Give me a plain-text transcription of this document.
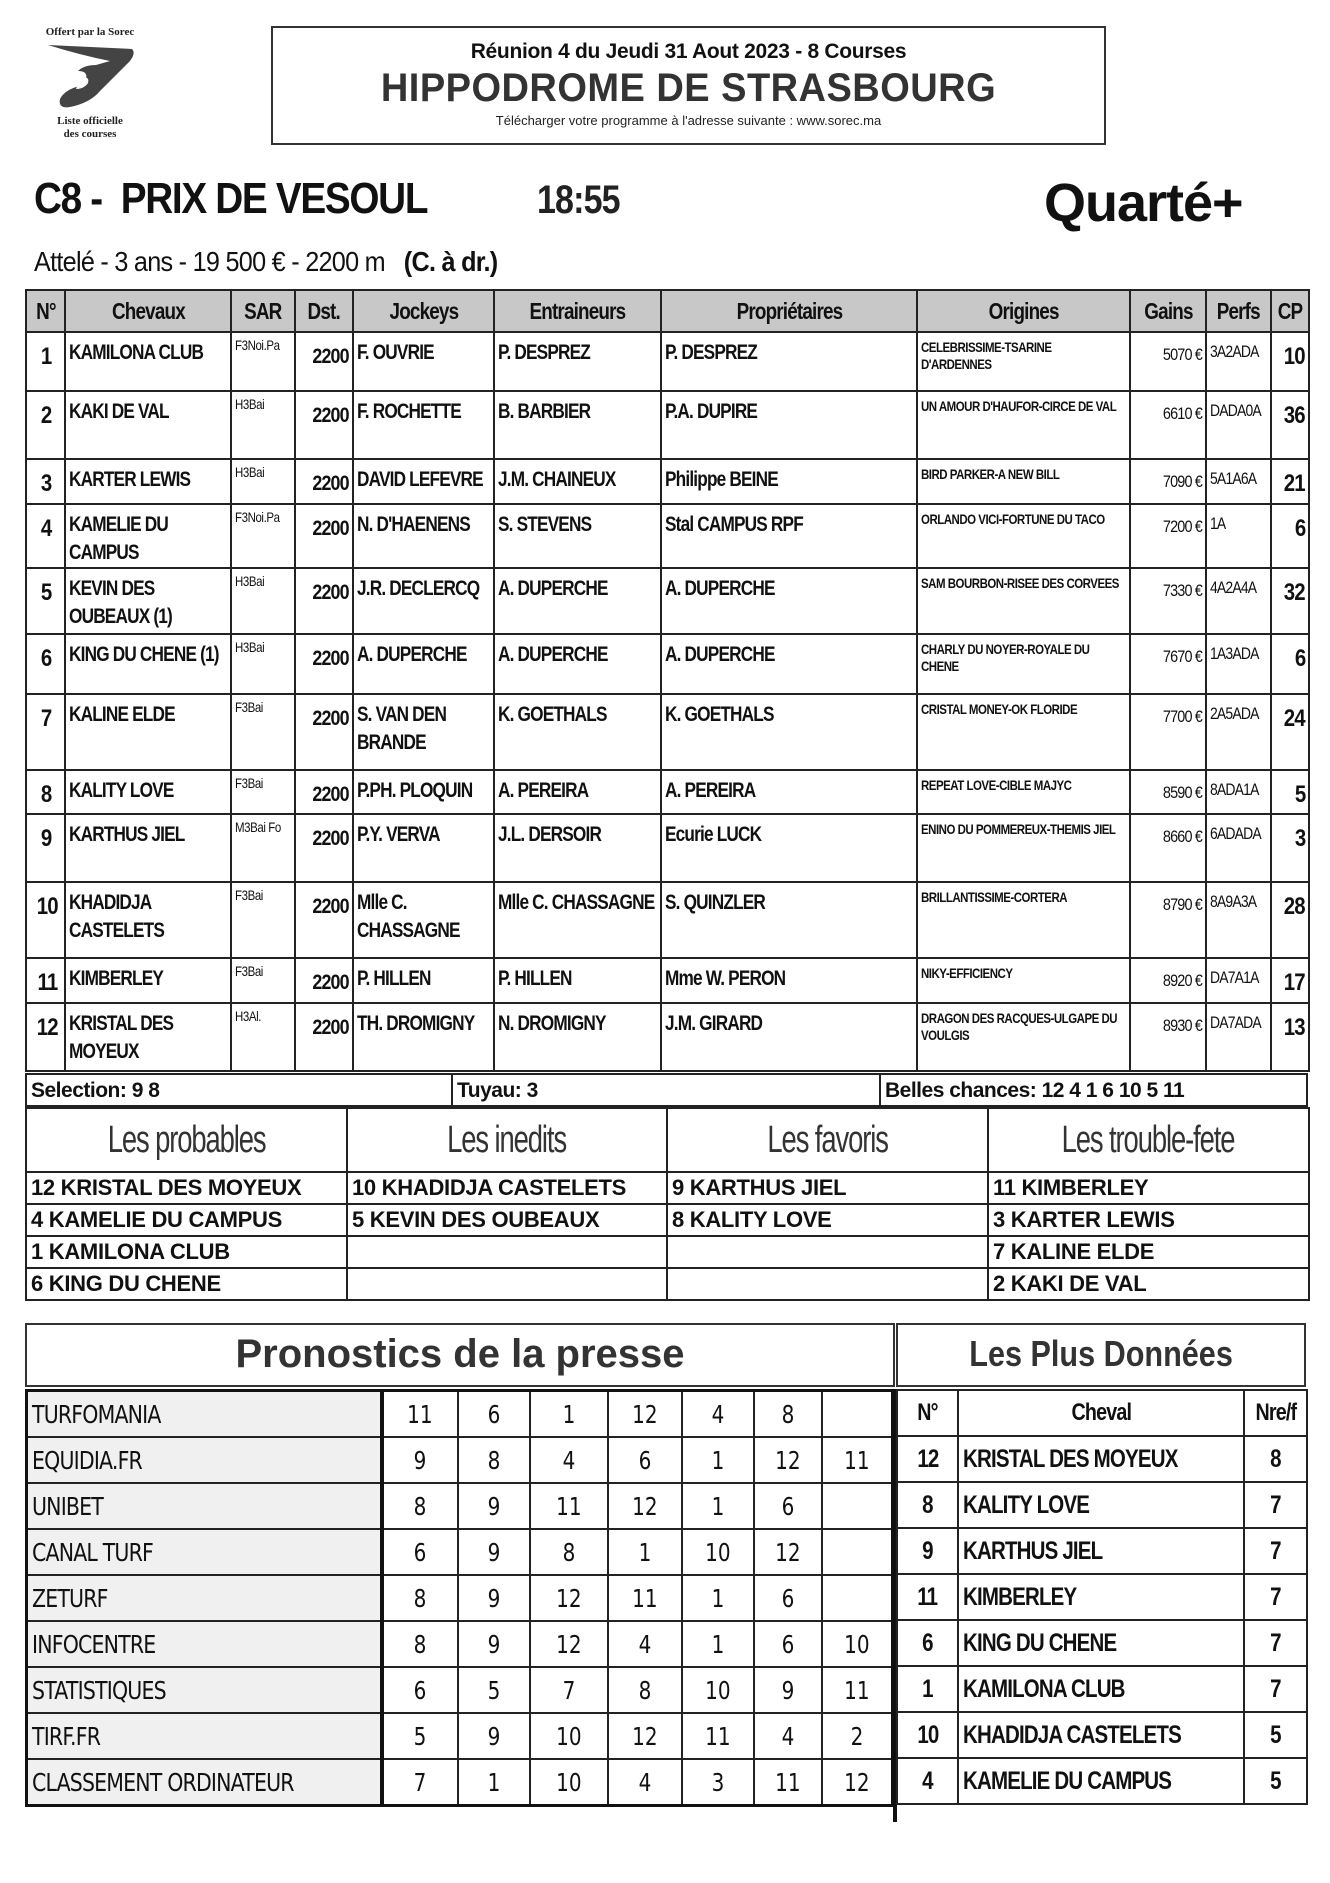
Offert par la Sorec
Liste officielle
des courses
Réunion 4 du Jeudi 31 Aout 2023 - 8 Courses
HIPPODROME DE STRASBOURG
Télécharger votre programme à l'adresse suivante : www.sorec.ma
C8 -  PRIX DE VESOUL	18:55	Quarté+
Attelé - 3 ans - 19 500 € - 2200 m (C. à dr.)
N°	Chevaux	SAR	Dst.	Jockeys	Entraineurs	Propriétaires	Origines	Gains	Perfs	CP
1	KAMILONA CLUB	F3Noi.Pa	2200	F. OUVRIE	P. DESPREZ	P. DESPREZ	CELEBRISSIME-TSARINE D'ARDENNES	5070 €	3A2ADA	10
2	KAKI DE VAL	H3Bai	2200	F. ROCHETTE	B. BARBIER	P.A. DUPIRE	UN AMOUR D'HAUFOR-CIRCE DE VAL	6610 €	DADA0A	36
3	KARTER LEWIS	H3Bai	2200	DAVID LEFEVRE	J.M. CHAINEUX	Philippe BEINE	BIRD PARKER-A NEW BILL	7090 €	5A1A6A	21
4	KAMELIE DU CAMPUS	F3Noi.Pa	2200	N. D'HAENENS	S. STEVENS	Stal CAMPUS RPF	ORLANDO VICI-FORTUNE DU TACO	7200 €	1A	6
5	KEVIN DES OUBEAUX (1)	H3Bai	2200	J.R. DECLERCQ	A. DUPERCHE	A. DUPERCHE	SAM BOURBON-RISEE DES CORVEES	7330 €	4A2A4A	32
6	KING DU CHENE (1)	H3Bai	2200	A. DUPERCHE	A. DUPERCHE	A. DUPERCHE	CHARLY DU NOYER-ROYALE DU CHENE	7670 €	1A3ADA	6
7	KALINE ELDE	F3Bai	2200	S. VAN DEN BRANDE	K. GOETHALS	K. GOETHALS	CRISTAL MONEY-OK FLORIDE	7700 €	2A5ADA	24
8	KALITY LOVE	F3Bai	2200	P.PH. PLOQUIN	A. PEREIRA	A. PEREIRA	REPEAT LOVE-CIBLE MAJYC	8590 €	8ADA1A	5
9	KARTHUS JIEL	M3Bai Fo	2200	P.Y. VERVA	J.L. DERSOIR	Ecurie LUCK	ENINO DU POMMEREUX-THEMIS JIEL	8660 €	6ADADA	3
10	KHADIDJA CASTELETS	F3Bai	2200	Mlle C. CHASSAGNE	Mlle C. CHASSAGNE	S. QUINZLER	BRILLANTISSIME-CORTERA	8790 €	8A9A3A	28
11	KIMBERLEY	F3Bai	2200	P. HILLEN	P. HILLEN	Mme W. PERON	NIKY-EFFICIENCY	8920 €	DA7A1A	17
12	KRISTAL DES MOYEUX	H3Al.	2200	TH. DROMIGNY	N. DROMIGNY	J.M. GIRARD	DRAGON DES RACQUES-ULGAPE DU VOULGIS	8930 €	DA7ADA	13
Selection: 9 8	Tuyau: 3	Belles chances: 12 4 1 6 10 5 11
Les probables	Les inedits	Les favoris	Les trouble-fete
12 KRISTAL DES MOYEUX	10 KHADIDJA CASTELETS	9 KARTHUS JIEL	11 KIMBERLEY
4 KAMELIE DU CAMPUS	5 KEVIN DES OUBEAUX	8 KALITY LOVE	3 KARTER LEWIS
1 KAMILONA CLUB			7 KALINE ELDE
6 KING DU CHENE			2 KAKI DE VAL
Pronostics de la presse
TURFOMANIA	11	6	1	12	4	8	
EQUIDIA.FR	9	8	4	6	1	12	11
UNIBET	8	9	11	12	1	6	
CANAL TURF	6	9	8	1	10	12	
ZETURF	8	9	12	11	1	6	
INFOCENTRE	8	9	12	4	1	6	10
STATISTIQUES	6	5	7	8	10	9	11
TIRF.FR	5	9	10	12	11	4	2
CLASSEMENT ORDINATEUR	7	1	10	4	3	11	12
Les Plus Données
N°	Cheval	Nre/f
12	KRISTAL DES MOYEUX	8
8	KALITY LOVE	7
9	KARTHUS JIEL	7
11	KIMBERLEY	7
6	KING DU CHENE	7
1	KAMILONA CLUB	7
10	KHADIDJA CASTELETS	5
4	KAMELIE DU CAMPUS	5
